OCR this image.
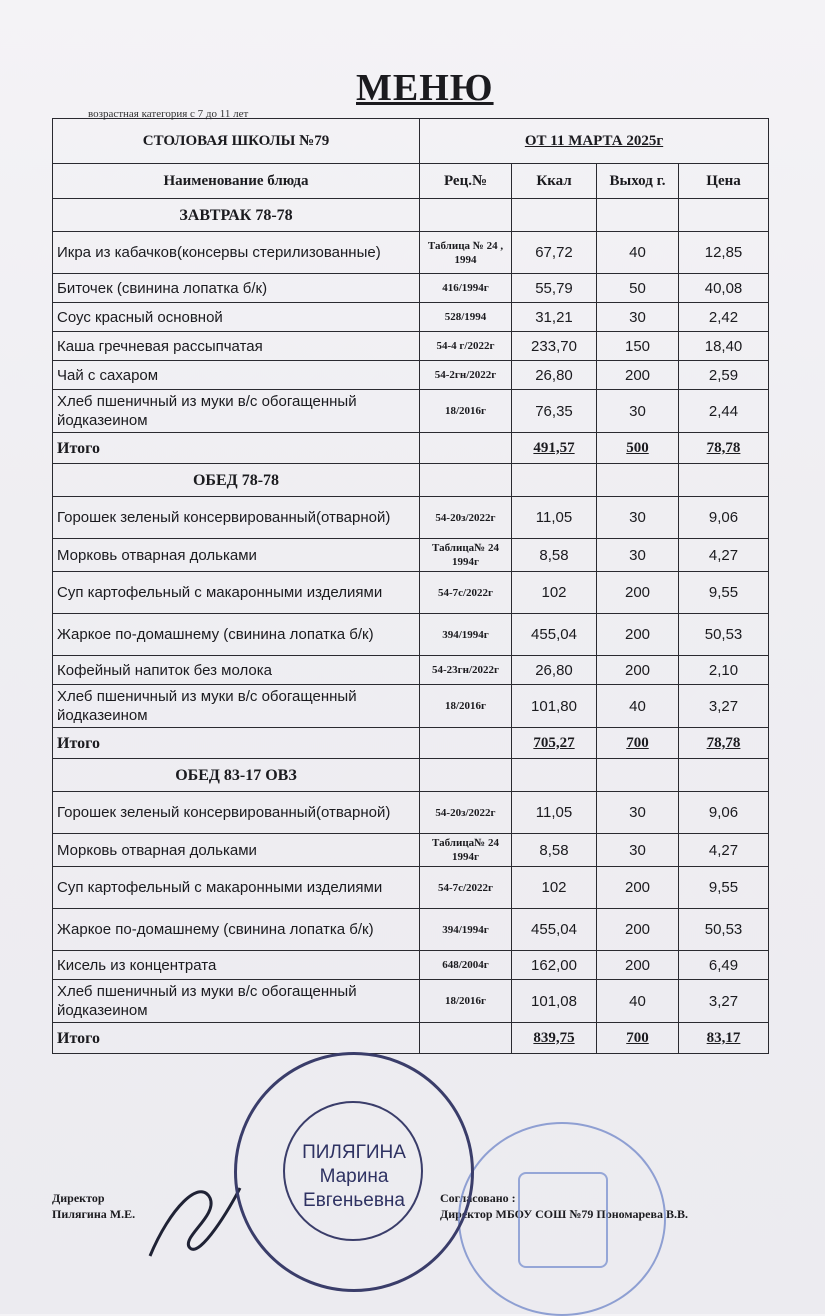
МЕНЮ
возрастная категория с 7 до 11 лет
СТОЛОВАЯ ШКОЛЫ №79	ОТ 11 МАРТА 2025г			
Наименование блюда	Рец.№	Ккал	Выход г.	Цена
ЗАВТРАК 78-78				
Икра из кабачков(консервы стерилизованные)	Таблица № 24 , 1994	67,72	40	12,85
Биточек (свинина лопатка б/к)	416/1994г	55,79	50	40,08
Соус красный основной	528/1994	31,21	30	2,42
Каша гречневая рассыпчатая	54-4 г/2022г	233,70	150	18,40
Чай с сахаром	54-2гн/2022г	26,80	200	2,59
Хлеб пшеничный из муки в/с обогащенный йодказеином	18/2016г	76,35	30	2,44
Итого		491,57	500	78,78
ОБЕД 78-78				
Горошек зеленый консервированный(отварной)	54-20з/2022г	11,05	30	9,06
Морковь отварная дольками	Таблица№ 24 1994г	8,58	30	4,27
Суп картофельный с макаронными изделиями	54-7с/2022г	102	200	9,55
Жаркое по-домашнему (свинина лопатка б/к)	394/1994г	455,04	200	50,53
Кофейный напиток без молока	54-23гн/2022г	26,80	200	2,10
Хлеб пшеничный из муки в/с обогащенный йодказеином	18/2016г	101,80	40	3,27
Итого		705,27	700	78,78
ОБЕД 83-17 ОВЗ				
Горошек зеленый консервированный(отварной)	54-20з/2022г	11,05	30	9,06
Морковь отварная дольками	Таблица№ 24 1994г	8,58	30	4,27
Суп картофельный с макаронными изделиями	54-7с/2022г	102	200	9,55
Жаркое по-домашнему (свинина лопатка б/к)	394/1994г	455,04	200	50,53
Кисель из концентрата	648/2004г	162,00	200	6,49
Хлеб пшеничный из муки в/с обогащенный йодказеином	18/2016г	101,08	40	3,27
Итого		839,75	700	83,17
Директор
Пилягина М.Е.
Согласовано :
Директор МБОУ СОШ №79 Пономарева В.В.
ПИЛЯГИНА
Марина
Евгеньевна
